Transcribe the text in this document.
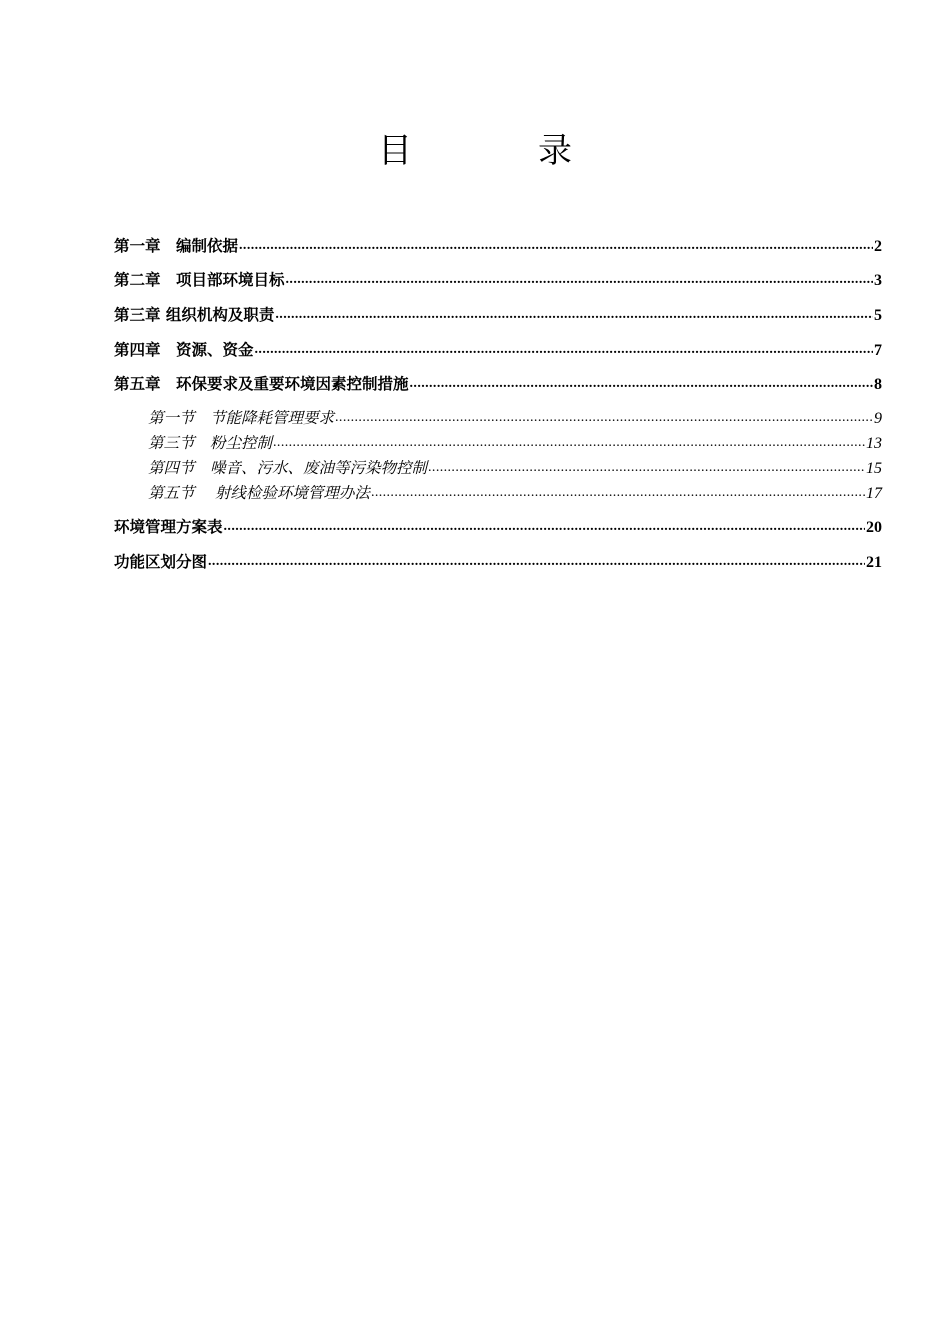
目　录
第一章　编制依据 .....	2
第二章　项目部环境目标 .....	3
第三章 组织机构及职责 .....	5
第四章　资源、资金 .....	7
第五章　环保要求及重要环境因素控制措施 .....	8
第一节　节能降耗管理要求 .....	9
第三节　粉尘控制 .....	13
第四节　噪音、污水、废油等污染物控制 .....	15
第五节　 射线检验环境管理办法 .....	17
环境管理方案表 .....	20
功能区划分图 .....	21
